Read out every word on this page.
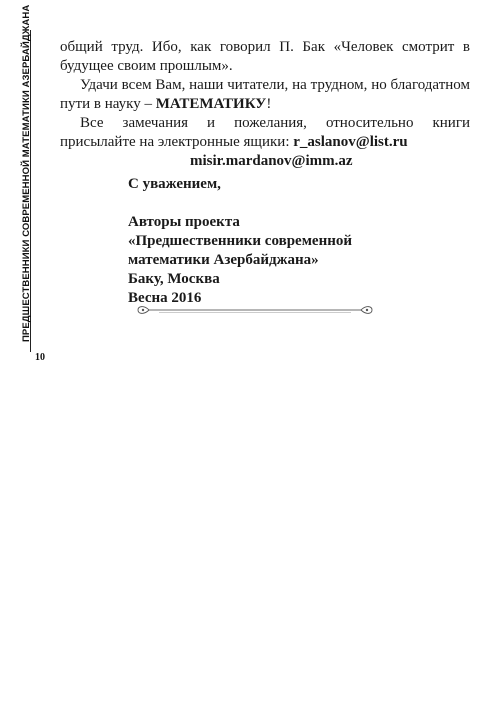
ПРЕДШЕСТВЕННИКИ СОВРЕМЕННОЙ МАТЕМАТИКИ АЗЕРБАЙДЖАНА
10

общий труд. Ибо, как говорил П. Бак «Человек смотрит в будущее своим прошлым».

Удачи всем Вам, наши читатели, на трудном, но благодатном пути в науку – МАТЕМАТИКУ!

Все замечания и пожелания, относительно книги присылайте на электронные ящики: r_aslanov@list.ru

misir.mardanov@imm.az

С уважением,

Авторы проекта

«Предшественники современной

математики Азербайджана»

Баку, Москва

Весна 2016
